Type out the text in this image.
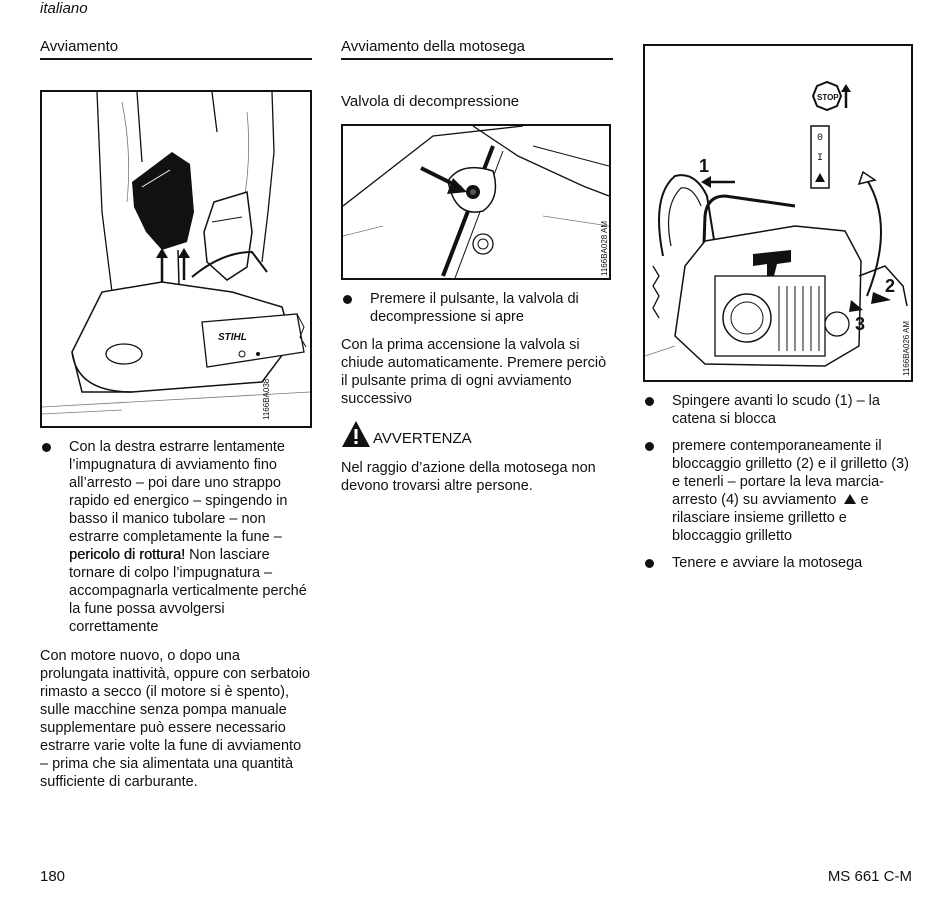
italiano
Avviamento
STIHL
1166BA038
Con la destra estrarre lentamente l’impugnatura di avviamento fino all’arresto – poi dare uno strappo rapido ed energico – spingendo in basso il manico tubolare – non estrarre completamente la fune – pericolo di rottura! Non lasciare tornare di colpo l’impugnatura – accompagnarla verticalmente perché la fune possa avvolgersi correttamente
Con motore nuovo, o dopo una prolungata inattività, oppure con serbatoio rimasto a secco (il motore si è spento), sulle macchine senza pompa manuale supplementare può essere necessario estrarre varie volte la fune di avviamento – prima che sia alimentata una quantità sufficiente di carburante.
Avviamento della motosega
Valvola di decompressione
1166BA028 AM
Premere il pulsante, la valvola di decompressione si apre
Con la prima accensione la valvola si chiude automaticamente. Premere perciò il pulsante prima di ogni avviamento successivo
AVVERTENZA
Nel raggio d’azione della motosega non devono trovarsi altre persone.
STOP
0
I
1
2
3	1166BA026 AM
Spingere avanti lo scudo (1) – la catena si blocca
premere contemporaneamente il bloccaggio grilletto (2) e il grilletto (3) e tenerli – portare la leva marcia-arresto (4) su avviamento e rilasciare insieme grilletto e bloccaggio grilletto
Tenere e avviare la motosega
180	MS 661 C-M
